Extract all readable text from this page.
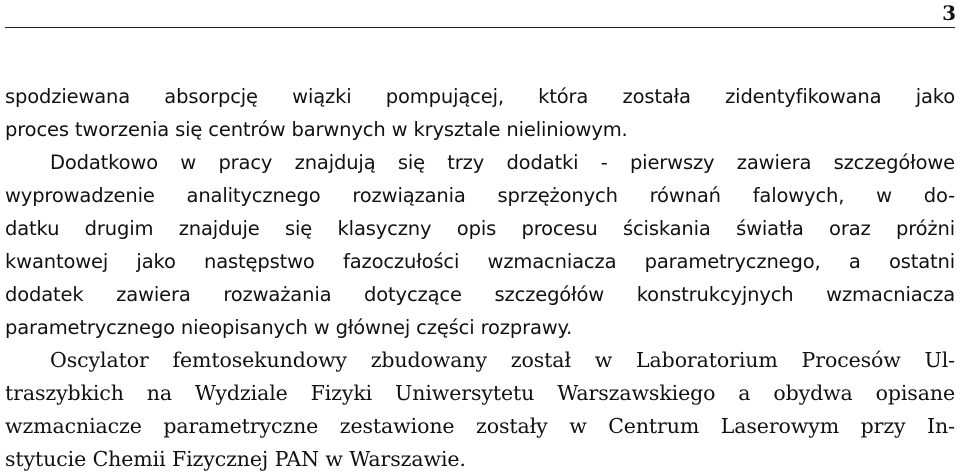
3
spodziewana absorpcję wiązki pompującej, która została zidentyfikowana jako
proces tworzenia się centrów barwnych w krysztale nieliniowym.
Dodatkowo w pracy znajdują się trzy dodatki - pierwszy zawiera szczegółowe
wyprowadzenie analitycznego rozwiązania sprzężonych równań falowych, w do-
datku drugim znajduje się klasyczny opis procesu ściskania światła oraz próżni
kwantowej jako następstwo fazoczułości wzmacniacza parametrycznego, a ostatni
dodatek zawiera rozważania dotyczące szczegółów konstrukcyjnych wzmacniacza
parametrycznego nieopisanych w głównej części rozprawy.
Oscylator femtosekundowy zbudowany został w Laboratorium Procesów Ul-
traszybkich na Wydziale Fizyki Uniwersytetu Warszawskiego a obydwa opisane
wzmacniacze parametryczne zestawione zostały w Centrum Laserowym przy In-
stytucie Chemii Fizycznej PAN w Warszawie.
